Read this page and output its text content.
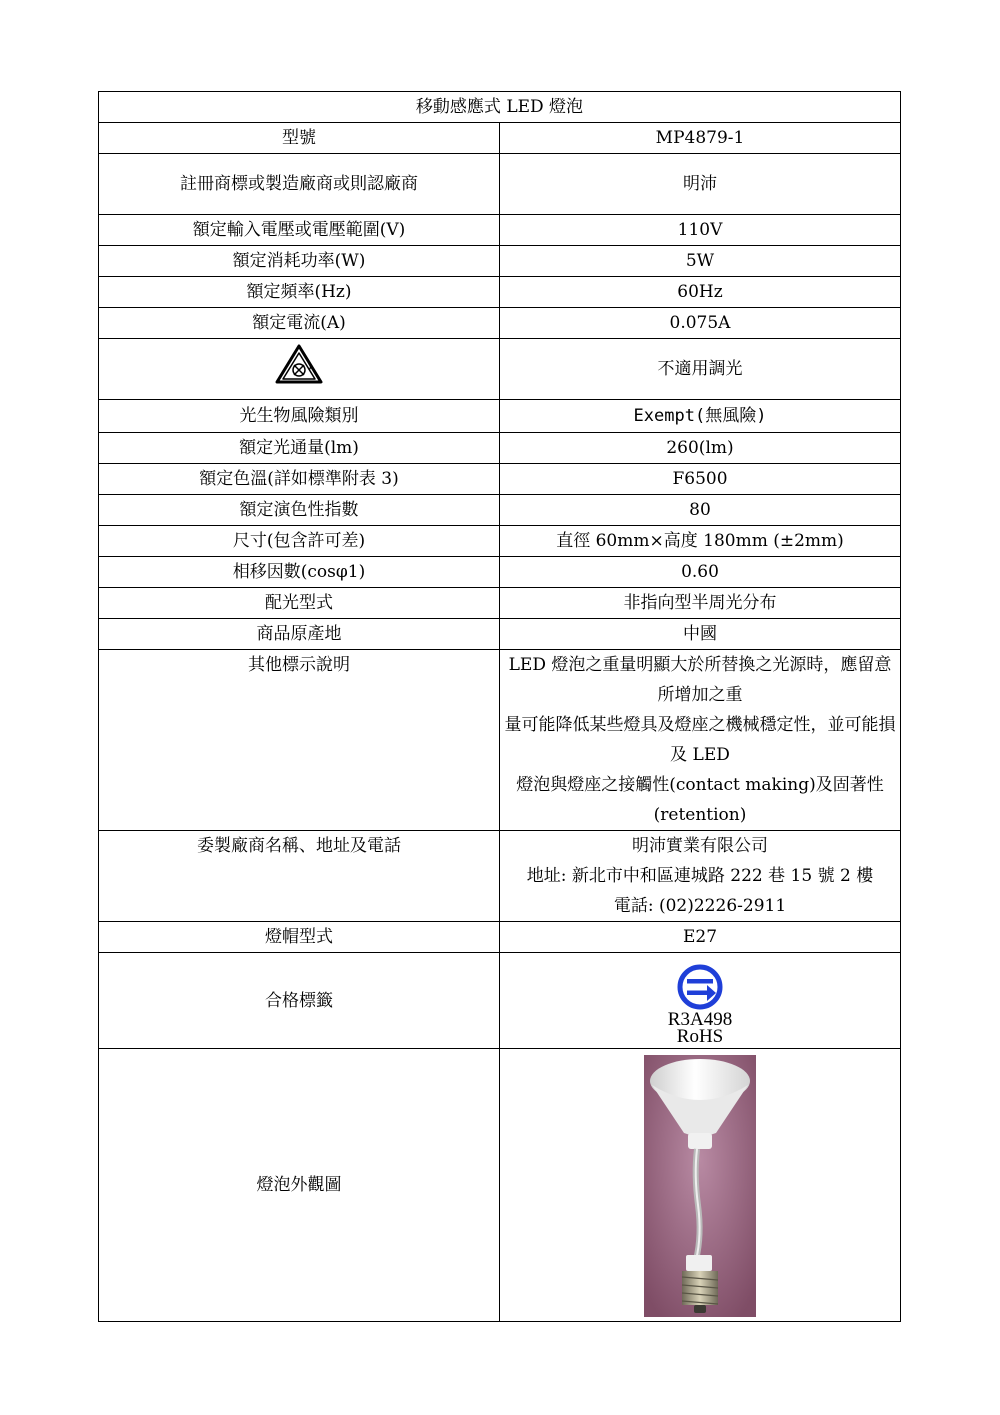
移動感應式 LED 燈泡	
型號	MP4879-1
註冊商標或製造廠商或則認廠商	明沛
額定輸入電壓或電壓範圍(V)	110V
額定消耗功率(W)	5W
額定頻率(Hz)	60Hz
額定電流(A)	0.075A
	不適用調光
光生物風險類別	Exempt(無風險)
額定光通量(lm)	260(lm)
額定色溫(詳如標準附表 3)	F6500
額定演色性指數	80
尺寸(包含許可差)	直徑 60mm×高度 180mm (±2mm)
相移因數(cosφ1)	0.60
配光型式	非指向型半周光分布
商品原產地	中國
其他標示說明	LED 燈泡之重量明顯大於所替換之光源時，應留意所增加之重
量可能降低某些燈具及燈座之機械穩定性，並可能損及 LED
燈泡與燈座之接觸性(contact making)及固著性(retention)

委製廠商名稱、地址及電話	明沛實業有限公司
地址: 新北市中和區連城路 222 巷 15 號 2 樓
電話: (02)2226-2911

燈帽型式	E27
合格標籤	R3A498
RoHS

燈泡外觀圖	
